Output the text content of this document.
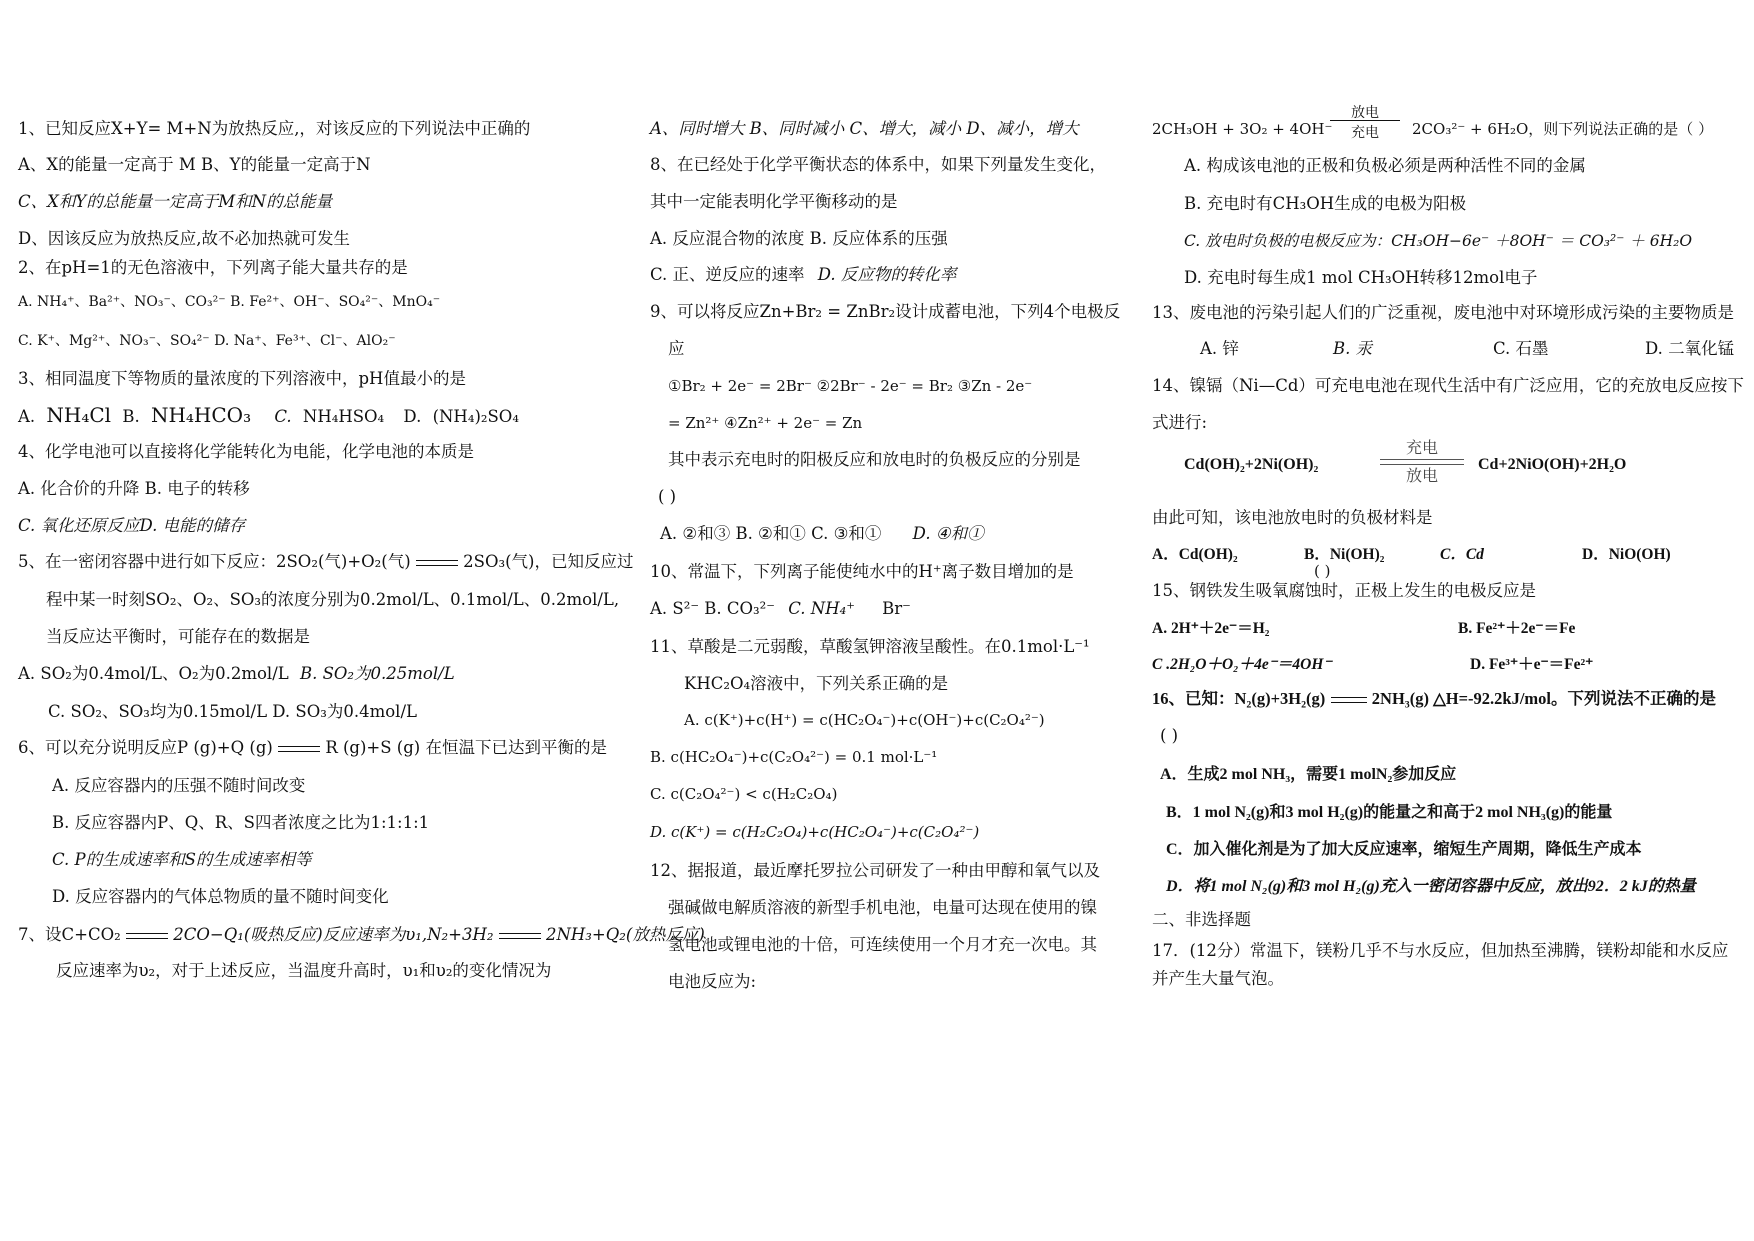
1、已知反应X+Y= M+N为放热反应,，对该反应的下列说法中正确的
A、X的能量一定高于 M B、Y的能量一定高于N
C、X和Y的总能量一定高于M和N的总能量
D、因该反应为放热反应,故不必加热就可发生
2、在pH=1的无色溶液中，下列离子能大量共存的是
A. NH₄⁺、Ba²⁺、NO₃⁻、CO₃²⁻ B. Fe²⁺、OH⁻、SO₄²⁻、MnO₄⁻
C. K⁺、Mg²⁺、NO₃⁻、SO₄²⁻ D. Na⁺、Fe³⁺、Cl⁻、AlO₂⁻
3、相同温度下等物质的量浓度的下列溶液中，pH值最小的是
A. NH₄Cl B. NH₄HCO₃ C. NH₄HSO₄ D. (NH₄)₂SO₄
4、化学电池可以直接将化学能转化为电能，化学电池的本质是
A. 化合价的升降 B. 电子的转移
C. 氧化还原反应D. 电能的储存
5、在一密闭容器中进行如下反应：2SO₂(气)+O₂(气)	2SO₃(气)，已知反应过
程中某一时刻SO₂、O₂、SO₃的浓度分别为0.2mol/L、0.1mol/L、0.2mol/L,
当反应达平衡时，可能存在的数据是
A. SO₂为0.4mol/L、O₂为0.2mol/L B. SO₂为0.25mol/L
C. SO₂、SO₃均为0.15mol/L D. SO₃为0.4mol/L
6、可以充分说明反应P (g)+Q (g)	R (g)+S (g) 在恒温下已达到平衡的是
A. 反应容器内的压强不随时间改变
B. 反应容器内P、Q、R、S四者浓度之比为1:1:1:1
C. P的生成速率和S的生成速率相等
D. 反应容器内的气体总物质的量不随时间变化
7、设C+CO₂	2CO−Q₁(吸热反应)反应速率为υ₁,N₂+3H₂	2NH₃+Q₂(放热反应)
反应速率为υ₂，对于上述反应，当温度升高时，υ₁和υ₂的变化情况为
A、同时增大 B、同时减小 C、增大，减小 D、减小，增大
8、在已经处于化学平衡状态的体系中，如果下列量发生变化，
其中一定能表明化学平衡移动的是
A. 反应混合物的浓度 B. 反应体系的压强
C. 正、逆反应的速率 D. 反应物的转化率
9、可以将反应Zn+Br₂ = ZnBr₂设计成蓄电池，下列4个电极反
应
①Br₂ + 2e⁻ = 2Br⁻ ②2Br⁻ - 2e⁻ = Br₂ ③Zn - 2e⁻
= Zn²⁺ ④Zn²⁺ + 2e⁻ = Zn
其中表示充电时的阳极反应和放电时的负极反应的分别是
( )
A. ②和③ B. ②和① C. ③和① D. ④和①
10、常温下，下列离子能使纯水中的H⁺离子数目增加的是
A. S²⁻ B. CO₃²⁻ C. NH₄⁺ Br⁻
11、草酸是二元弱酸，草酸氢钾溶液呈酸性。在0.1mol·L⁻¹
KHC₂O₄溶液中，下列关系正确的是
A. c(K⁺)+c(H⁺) = c(HC₂O₄⁻)+c(OH⁻)+c(C₂O₄²⁻)
B. c(HC₂O₄⁻)+c(C₂O₄²⁻) = 0.1 mol·L⁻¹
C. c(C₂O₄²⁻) < c(H₂C₂O₄)
D. c(K⁺) = c(H₂C₂O₄)+c(HC₂O₄⁻)+c(C₂O₄²⁻)
12、据报道，最近摩托罗拉公司研发了一种由甲醇和氧气以及
强碱做电解质溶液的新型手机电池，电量可达现在使用的镍
氢电池或锂电池的十倍，可连续使用一个月才充一次电。其
电池反应为:
2CH₃OH + 3O₂ + 4OH⁻
放电
充电	2CO₃²⁻ + 6H₂O，则下列说法正确的是（ ）
A. 构成该电池的正极和负极必须是两种活性不同的金属
B. 充电时有CH₃OH生成的电极为阳极
C. 放电时负极的电极反应为：CH₃OH−6e⁻ ＋8OH⁻ ＝ CO₃²⁻ ＋ 6H₂O
D. 充电时每生成1 mol CH₃OH转移12mol电子
13、废电池的污染引起人们的广泛重视，废电池中对环境形成污染的主要物质是
A. 锌	B. 汞	C. 石墨	D. 二氧化锰
14、镍镉（Ni—Cd）可充电电池在现代生活中有广泛应用，它的充放电反应按下
式进行:
Cd(OH)₂+2Ni(OH)₂
充电
放电
Cd+2NiO(OH)+2H₂O
由此可知，该电池放电时的负极材料是
A．Cd(OH)₂	B．Ni(OH)₂
( )
C．Cd	D．NiO(OH)
15、钢铁发生吸氧腐蚀时，正极上发生的电极反应是
A. 2H⁺＋2e⁻＝H₂	B. Fe²⁺＋2e⁻＝Fe
C .2H₂O＋O₂＋4e⁻＝4OH⁻	D. Fe³⁺＋e⁻＝Fe²⁺
16、已知：N₂(g)+3H₂(g)	2NH₃(g) △H=-92.2kJ/mol。下列说法不正确的是
( )
A．生成2 mol NH₃，需要1 molN₂参加反应
B．1 mol N₂(g)和3 mol H₂(g)的能量之和高于2 mol NH₃(g)的能量
C．加入催化剂是为了加大反应速率，缩短生产周期，降低生产成本
D．将1 mol N₂(g)和3 mol H₂(g)充入一密闭容器中反应，放出92．2 kJ的热量
二、非选择题
17．(12分）常温下，镁粉几乎不与水反应，但加热至沸腾，镁粉却能和水反应
并产生大量气泡。
